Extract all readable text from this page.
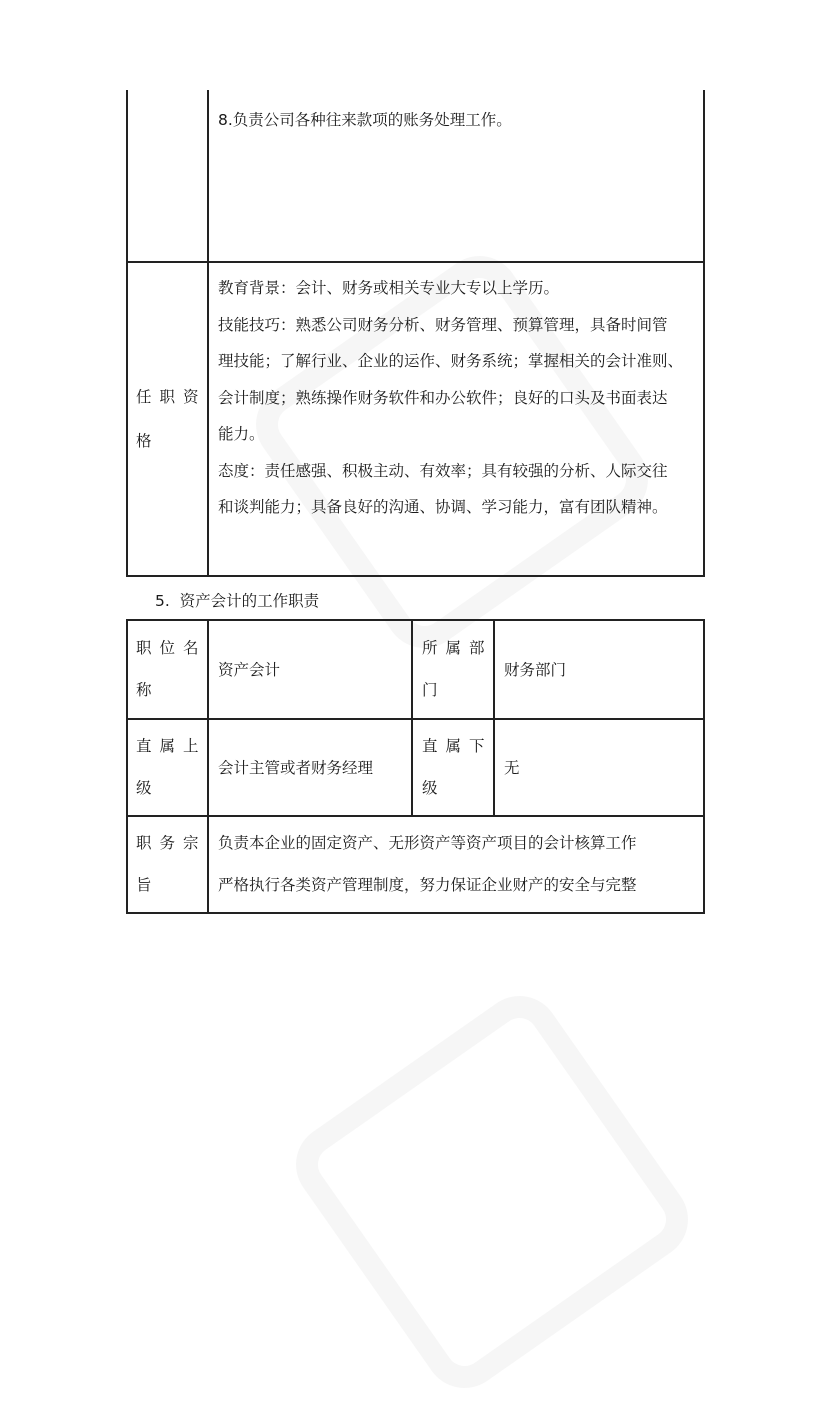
8.负责公司各种往来款项的账务处理工作。
任职资
格
教育背景：会计、财务或相关专业大专以上学历。
技能技巧：熟悉公司财务分析、财务管理、预算管理，具备时间管
理技能；了解行业、企业的运作、财务系统；掌握相关的会计准则、
会计制度；熟练操作财务软件和办公软件；良好的口头及书面表达
能力。
态度：责任感强、积极主动、有效率；具有较强的分析、人际交往
和谈判能力；具备良好的沟通、协调、学习能力，富有团队精神。
5.  资产会计的工作职责
职位名
称
资产会计
所属部
门
财务部门
直属上
级
会计主管或者财务经理
直属下
级
无
职务宗
旨
负责本企业的固定资产、无形资产等资产项目的会计核算工作
严格执行各类资产管理制度，努力保证企业财产的安全与完整
